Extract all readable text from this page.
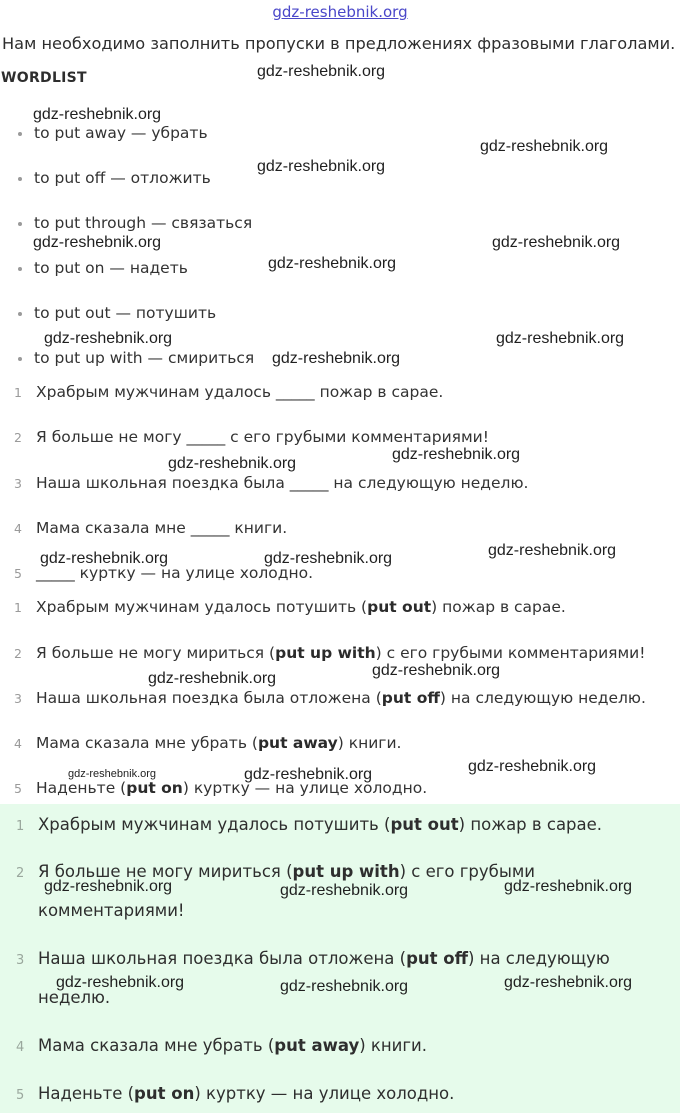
gdz-reshebnik.org
Нам необходимо заполнить пропуски в предложениях фразовыми глаголами.
WORDLIST
to put away — убрать
to put off — отложить
to put through — связаться
to put on — надеть
to put out — потушить
to put up with — смириться
1 Храбрым мужчинам удалось _____ пожар в сарае.
2 Я больше не могу _____ с его грубыми комментариями!
3 Наша школьная поездка была _____ на следующую неделю.
4 Мама сказала мне _____ книги.
5 _____ куртку — на улице холодно.
1 Храбрым мужчинам удалось потушить (put out) пожар в сарае.
2 Я больше не могу мириться (put up with) с его грубыми комментариями!
3 Наша школьная поездка была отложена (put off) на следующую неделю.
4 Мама сказала мне убрать (put away) книги.
5 Наденьте (put on) куртку — на улице холодно.
1 Храбрым мужчинам удалось потушить (put out) пожар в сарае.
2 Я больше не могу мириться (put up with) с его грубыми
комментариями!
3 Наша школьная поездка была отложена (put off) на следующую
неделю.
4 Мама сказала мне убрать (put away) книги.
5 Наденьте (put on) куртку — на улице холодно.
gdz-reshebnik.org
gdz-reshebnik.org
gdz-reshebnik.org
gdz-reshebnik.org
gdz-reshebnik.org	gdz-reshebnik.org
gdz-reshebnik.org
gdz-reshebnik.org	gdz-reshebnik.org
gdz-reshebnik.org
gdz-reshebnik.org
gdz-reshebnik.org
gdz-reshebnik.org
gdz-reshebnik.org	gdz-reshebnik.org
gdz-reshebnik.org
gdz-reshebnik.org
gdz-reshebnik.org	gdz-reshebnik.org
gdz-reshebnik.org
gdz-reshebnik.org	gdz-reshebnik.org
gdz-reshebnik.org
gdz-reshebnik.org	gdz-reshebnik.org
gdz-reshebnik.org
